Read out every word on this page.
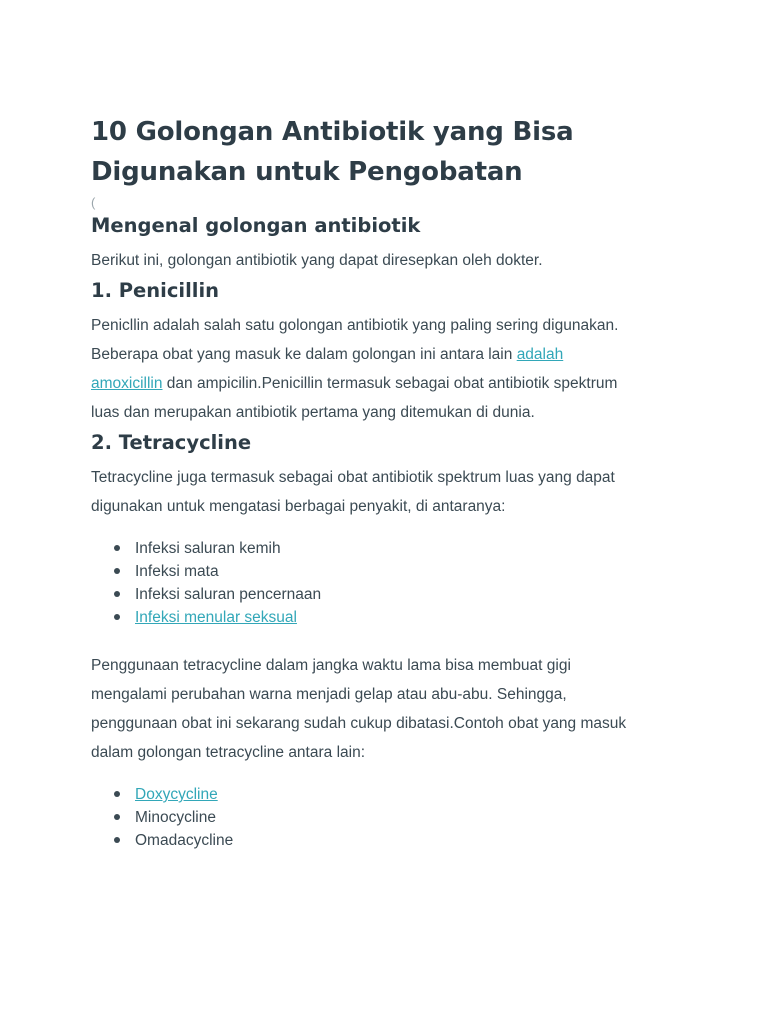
10 Golongan Antibiotik yang Bisa
Digunakan untuk Pengobatan
(
Mengenal golongan antibiotik

Berikut ini, golongan antibiotik yang dapat diresepkan oleh dokter.

1. Penicillin

Penicllin adalah salah satu golongan antibiotik yang paling sering digunakan.
Beberapa obat yang masuk ke dalam golongan ini antara lain adalah
amoxicillin dan ampicilin.Penicillin termasuk sebagai obat antibiotik spektrum
luas dan merupakan antibiotik pertama yang ditemukan di dunia.

2. Tetracycline

Tetracycline juga termasuk sebagai obat antibiotik spektrum luas yang dapat
digunakan untuk mengatasi berbagai penyakit, di antaranya:

Infeksi saluran kemih
Infeksi mata
Infeksi saluran pencernaan
Infeksi menular seksual

Penggunaan tetracycline dalam jangka waktu lama bisa membuat gigi
mengalami perubahan warna menjadi gelap atau abu-abu. Sehingga,
penggunaan obat ini sekarang sudah cukup dibatasi.Contoh obat yang masuk
dalam golongan tetracycline antara lain:

Doxycycline
Minocycline
Omadacycline
